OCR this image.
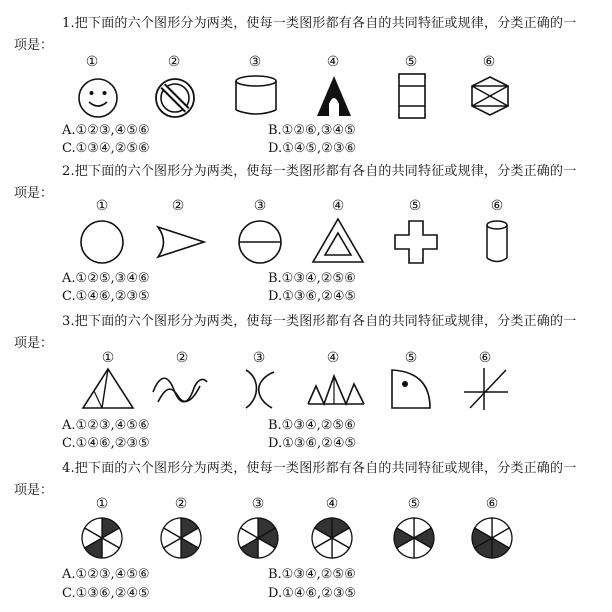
1.把下面的六个图形分为两类，使每一类图形都有各自的共同特征或规律，分类正确的一
项是：
①	②	③	④	⑤	⑥
A.①②③,④⑤⑥	B.①②⑥,③④⑤
C.①③④,②⑤⑥	D.①④⑤,②③⑥
2.把下面的六个图形分为两类，使每一类图形都有各自的共同特征或规律，分类正确的一
项是：
①	②	③	④	⑤	⑥
A.①②⑤,③④⑥	B.①③④,②⑤⑥
C.①④⑥,②③⑤	D.①③⑥,②④⑤
3.把下面的六个图形分为两类，使每一类图形都有各自的共同特征或规律，分类正确的一
项是：
①	②	③	④	⑤	⑥
A.①②③,④⑤⑥	B.①③④,②⑤⑥
C.①④⑥,②③⑤	D.①③⑥,②④⑤
4.把下面的六个图形分为两类，使每一类图形都有各自的共同特征或规律，分类正确的一
项是：
①	②	③	④	⑤	⑥
A.①②③,④⑤⑥	B.①③④,②⑤⑥
C.①③⑥,②④⑤	D.①④⑥,②③⑤
